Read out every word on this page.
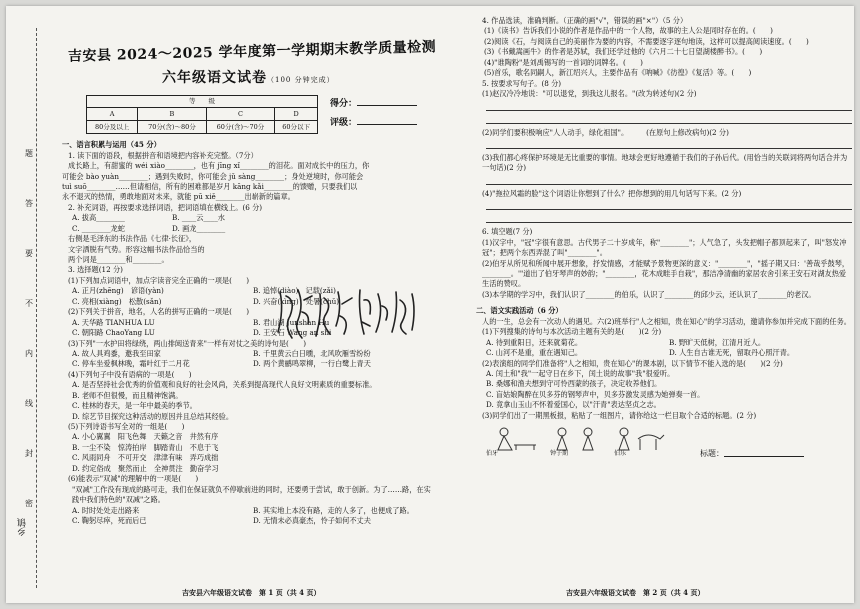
题
答
要
不
内
线
封
密
乡镇
吉安县 2024～2025 学年度第一学期期末教学质量检测
六年级语文试卷（100 分钟完成）
等　　级			
A	B	C	D
80分及以上	70分(含)～80分	60分(含)～70分	60分以下
得分：
评级：
一、语言积累与运用（45 分）
1. 读下面的语段，根据拼音和语境把内容补充完整。（7分）
成长路上，有甜蜜的 wéi xiào________，也有 jīng xǐ________的泪花。面对成长中的压力，你
可能会 bào yuàn________；遇到失败时，你可能会 jǔ sàng________；身处逆境时，你可能会
tuì suō________……但请相信，所有的困难都是岁月 kāng kǎi________的馈赠，只要我们以
永不退灭的热情，勇敢地面对未来，就能 pū xiě________出崭新的篇章。
2. 补充词语，再按要求选择词语，把词语填在横线上。(6 分)
A. 拔高________	B. ____云____水
C. ________龙蛇	D. 画龙________
右侧是毛泽东的书法作品《七律·长征》，
文字洒脱有气势。形容这幅书法作品恰当的
两个词是________和________。
3. 选择题(12 分)
(1)下列加点词语中，加点字读音完全正确的一项是(　　)
A. 正月(zhēng)　谚语(yàn)	B. 追悼(diào)　记载(zǎi)
C. 亮相(xiàng)　松散(sǎn)	D. 兴奋(xìng)　处暑(chǔ)
(2)下列关于拼音，地名，人名的拼写正确的一项是(　　)
A. 天华路 TIANHUA LU	B. 君山湖 Junshan Hu
C. 朝阳路 ChaoYang LU	D. 王安石 Wang an shi
(3)下列"一水护田将绿绕，两山排闼送青来"一样有对仗之美的诗句是(　　)
A. 故人具鸡黍，邀我至田家	B. 千里黄云白日曛，北风吹雁雪纷纷
C. 停车坐爱枫林晚，霜叶红于二月花	D. 两个黄鹂鸣翠柳，一行白鹭上青天
(4)下列句子中没有语病的一项是(　　)
A. 是否坚持社会优秀的价值观和良好的社会风尚，关系到提高现代人良好文明素质的重要标准。
B. 老师不但很慢，而且精神饱满。
C. 桂林的春天，是一年中最美的季节。
D. 综艺节目探究这种活动的原因并且总结其经验。
(5)下列诗语书写全对的一组是(　　)
A. 小心翼翼　阳飞色舞　天籁之音　井然有序
B. 一尘不染　惊涛拍岸　脚踏青山　不息于飞
C. 风雨同舟　不可开交　津津有味　弄巧成拙
D. 约定俗成　聚然而止　全神贯注　勤奋学习
(6)能表示"双减"的理解中的一项是(　　)
"双减"工作没有现成的路可走，我们在保证就负不停歇前进的同时，还要勇于尝试，敢于创新。为了……路，在实践中我们特色的"双减"之路。
A. 时时处处走出路来	B. 其实地上本没有路，走的人多了，也便成了路。
C. 鞠躬尽瘁，死而后已	D. 无情未必真豪杰，怜子如何不丈夫
吉安县六年级语文试卷　第 1 页（共 4 页）
4. 作品选读，准确判断。（正确的画"√"，错误的画"×"）（5 分）
(1)《读书》告诉我们小说的作者是作品中的一个人物，故事的主人公是同时存在的。(　　)
(2)阅读《石，与阅读自己的美丽作为要的内容，不需要逐字逐句地读，这样可以提高阅读速度。(　　)
(3)《书戴嵩画牛》的作者是苏轼，我们还学过他的《六月二十七日望湖楼醉书》。(　　)
(4)"谁陶粉"是刘禹锡写的一首词的词牌名。(　　)
(5)首乐，歌名同嗣人，新江绍兴人，主要作品有《呐喊》《彷徨》《复活》等。(　　)
5. 按要求写句子。(8 分)
(1)赵汉冷冷地说："可以退党，到我这儿报名。"(改为转述句)(2 分)
(2)同学们要积极响应"人人动手，绿化祖国"。　　　(在原句上修改病句)(2 分)
(3)我们都心疼保护环境是无比重要的事情。地球会更好地遵循于我们的子孙后代。(用恰当的关联词将两句话合并为一句话)(2 分)
(4)"拖拉风霜的脸"这个词语让你想到了什么？把你想到的用几句话写下来。(2 分)
6. 填空题(7 分)
(1)汉字中，"冠"字很有意思。古代男子二十岁成年，称"________"；人气急了，头发把帽子都顶起来了，叫"怒发冲冠"；把两个东西弄混了叫"________"。
(2)伯牙从所见和所闻中展开想象，抒发情感，才能赋予景物更深的意义："________"，"摇子期又曰：'善哉乎鼓琴，________。'"道出了伯牙琴声的妙韵；"________，花木成畦手自栽"，那洁净清幽的家居农舍引来王安石对湖友热爱生活的赞叹。
(3)本学期的学习中，我们认识了________的伯乐，认识了________的邱少云，还认识了________的老汉。
二、语文实践活动（6 分）
人的一生，总会有一次动人的遇见。六(2)班举行"人之相知，贵在知心"的学习活动，邀请你参加并完成下面的任务。
(1)下列搜集的诗句与本次活动主题有关的是(　　)(2 分)
A. 待到重阳日，还来就菊花。	B. 野旷天低树，江清月近人。
C. 山河不是重，重在遇知己。	D. 人生自古谁无死，留取丹心照汗青。
(2)表演组的同学们准备将"人之相知，贵在知心"的课本剧，以下情节不能入选的是(　　)(2 分)
A. 闰土和"我"一起守日在乡下，闰土说的故事"我"很爱听。
B. 桑娜和渔夫想到守可怜西蒙的孩子，决定收养他们。
C. 盲姑娘陶醉在贝多芬的钢琴声中，贝多芬激发灵感为她弹奏一首。
D. 竟拿山玉山不怀着爱国心，以"汗青"表达坚贞之志。
(3)同学们出了一期黑板报，粘贴了一组图片，请你给这一栏目取个合适的标题。(2 分)
伯牙	钟子期	伯乐	标题：
吉安县六年级语文试卷　第 2 页（共 4 页）
